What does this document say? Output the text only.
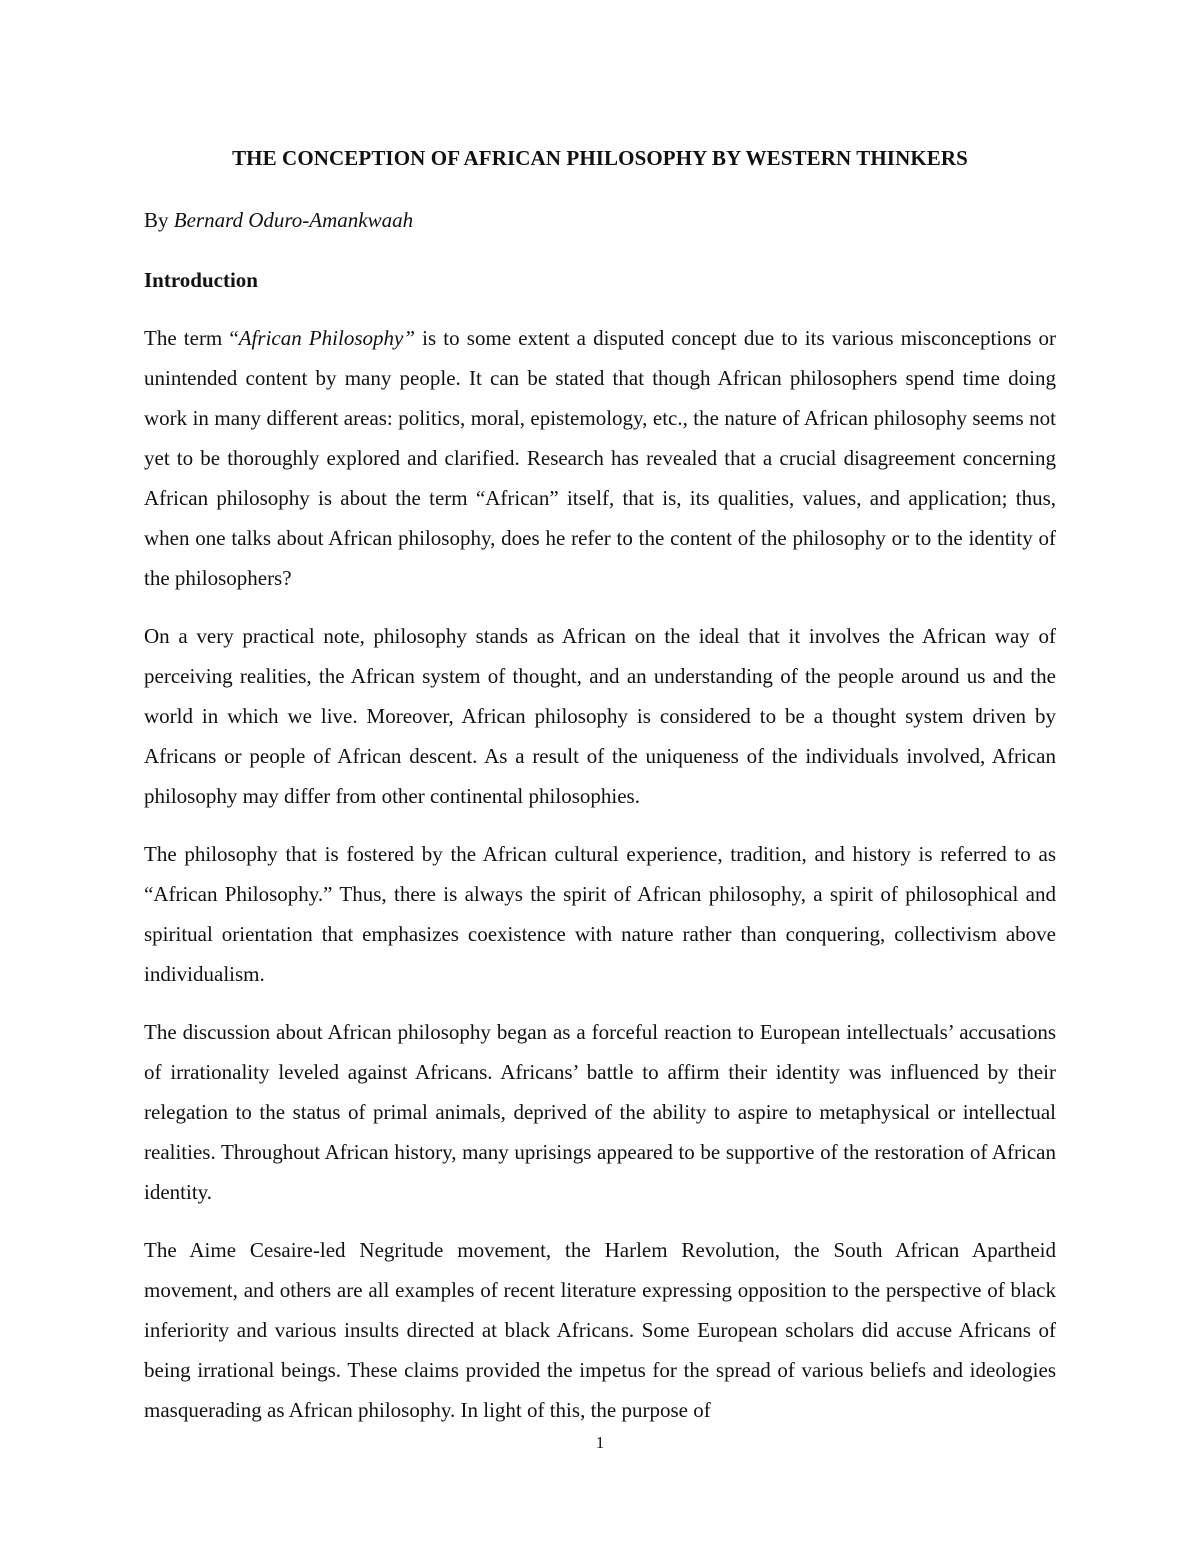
THE CONCEPTION OF AFRICAN PHILOSOPHY BY WESTERN THINKERS
By Bernard Oduro-Amankwaah
Introduction

The term “African Philosophy” is to some extent a disputed concept due to its various misconceptions or unintended content by many people. It can be stated that though African philosophers spend time doing work in many different areas: politics, moral, epistemology, etc., the nature of African philosophy seems not yet to be thoroughly explored and clarified. Research has revealed that a crucial disagreement concerning African philosophy is about the term “African” itself, that is, its qualities, values, and application; thus, when one talks about African philosophy, does he refer to the content of the philosophy or to the identity of the philosophers?

On a very practical note, philosophy stands as African on the ideal that it involves the African way of perceiving realities, the African system of thought, and an understanding of the people around us and the world in which we live. Moreover, African philosophy is considered to be a thought system driven by Africans or people of African descent. As a result of the uniqueness of the individuals involved, African philosophy may differ from other continental philosophies.

The philosophy that is fostered by the African cultural experience, tradition, and history is referred to as “African Philosophy.” Thus, there is always the spirit of African philosophy, a spirit of philosophical and spiritual orientation that emphasizes coexistence with nature rather than conquering, collectivism above individualism.

The discussion about African philosophy began as a forceful reaction to European intellectuals’ accusations of irrationality leveled against Africans. Africans’ battle to affirm their identity was influenced by their relegation to the status of primal animals, deprived of the ability to aspire to metaphysical or intellectual realities. Throughout African history, many uprisings appeared to be supportive of the restoration of African identity.

The Aime Cesaire-led Negritude movement, the Harlem Revolution, the South African Apartheid movement, and others are all examples of recent literature expressing opposition to the perspective of black inferiority and various insults directed at black Africans. Some European scholars did accuse Africans of being irrational beings. These claims provided the impetus for the spread of various beliefs and ideologies masquerading as African philosophy. In light of this, the purpose of

1
